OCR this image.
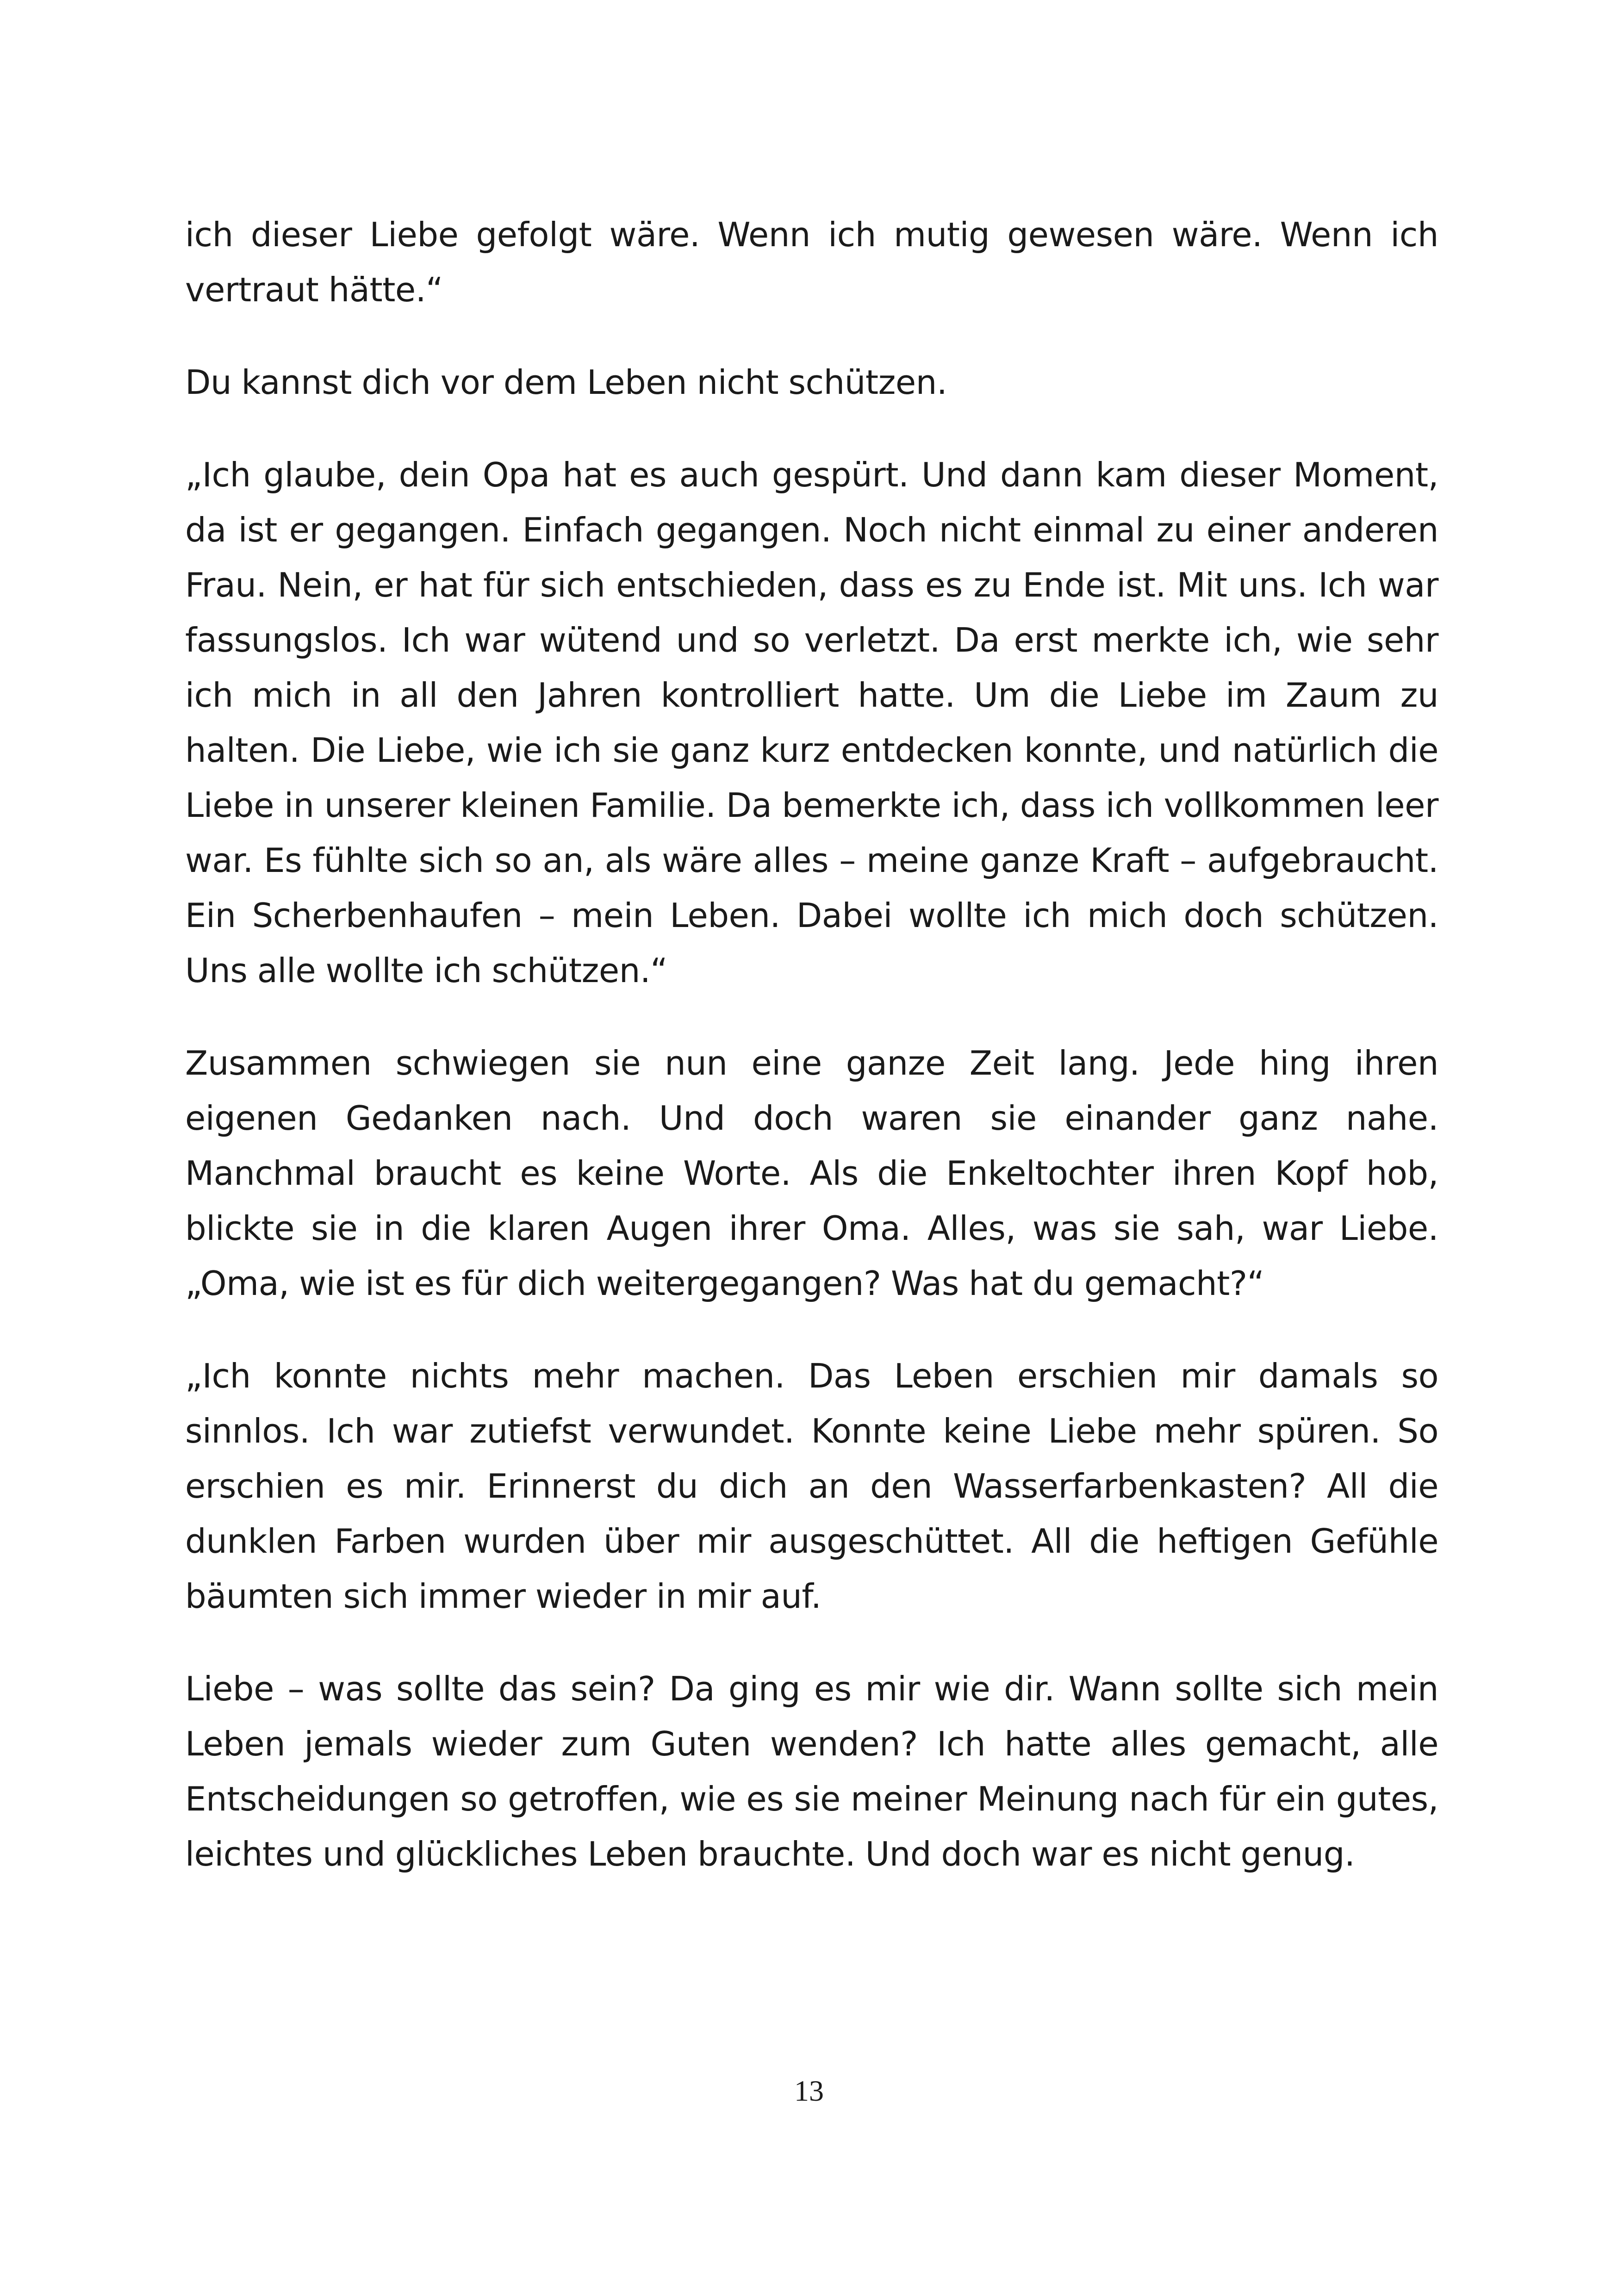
ich dieser Liebe gefolgt wäre. Wenn ich mutig gewesen wäre. Wenn ich vertraut hätte.“

Du kannst dich vor dem Leben nicht schützen.

„Ich glaube, dein Opa hat es auch gespürt. Und dann kam dieser Moment, da ist er gegangen. Einfach gegangen. Noch nicht einmal zu einer anderen Frau. Nein, er hat für sich entschieden, dass es zu Ende ist. Mit uns. Ich war fassungslos. Ich war wütend und so verletzt. Da erst merkte ich, wie sehr ich mich in all den Jahren kontrolliert hatte. Um die Liebe im Zaum zu halten. Die Liebe, wie ich sie ganz kurz entdecken konnte, und natürlich die Liebe in unserer kleinen Familie. Da bemerkte ich, dass ich vollkommen leer war. Es fühlte sich so an, als wäre alles – meine ganze Kraft – aufgebraucht. Ein Scherbenhaufen – mein Leben. Dabei wollte ich mich doch schützen. Uns alle wollte ich schützen.“

Zusammen schwiegen sie nun eine ganze Zeit lang. Jede hing ihren eigenen Gedanken nach. Und doch waren sie einander ganz nahe. Manchmal braucht es keine Worte. Als die Enkeltochter ihren Kopf hob, blickte sie in die klaren Augen ihrer Oma. Alles, was sie sah, war Liebe. „Oma, wie ist es für dich weitergegangen? Was hat du gemacht?“

„Ich konnte nichts mehr machen. Das Leben erschien mir damals so sinnlos. Ich war zutiefst verwundet. Konnte keine Liebe mehr spüren. So erschien es mir. Erinnerst du dich an den Wasserfarbenkasten? All die dunklen Farben wurden über mir ausgeschüttet. All die heftigen Gefühle bäumten sich immer wieder in mir auf.

Liebe – was sollte das sein? Da ging es mir wie dir. Wann sollte sich mein Leben jemals wieder zum Guten wenden? Ich hatte alles gemacht, alle Entscheidungen so getroffen, wie es sie meiner Meinung nach für ein gutes, leichtes und glückliches Leben brauchte. Und doch war es nicht genug.

13
